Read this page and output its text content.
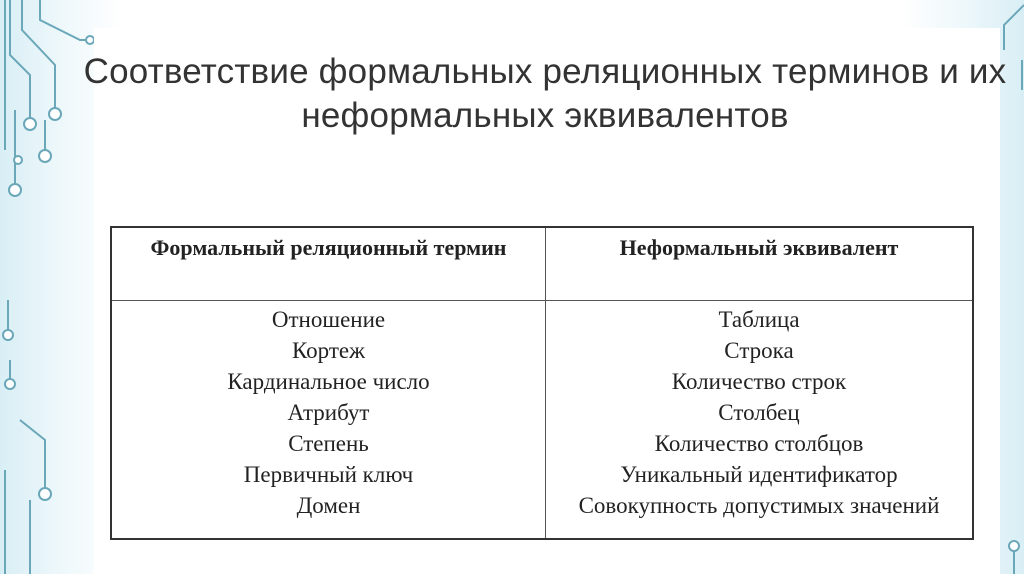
Соответствие формальных реляционных терминов и их неформальных эквивалентов
Формальный реляционный термин	Неформальный эквивалент
Отношение
Кортеж
Кардинальное число
Атрибут
Степень
Первичный ключ
Домен
Таблица
Строка
Количество строк
Столбец
Количество столбцов
Уникальный идентификатор
Совокупность допустимых значений
